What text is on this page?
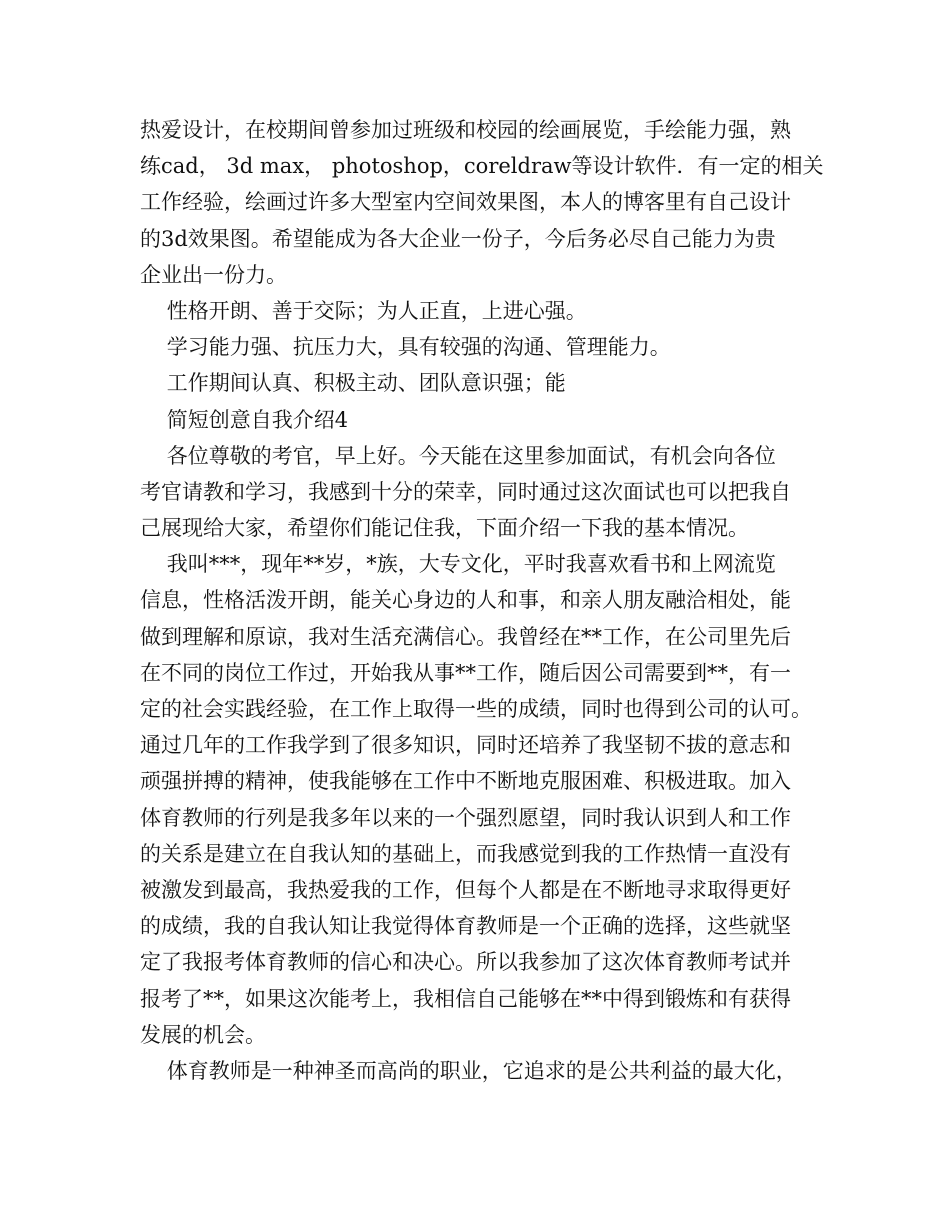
热爱设计，在校期间曾参加过班级和校园的绘画展览，手绘能力强，熟
练cad， 3d max， photoshop，coreldraw等设计软件．有一定的相关
工作经验，绘画过许多大型室内空间效果图，本人的博客里有自己设计
的3d效果图。希望能成为各大企业一份子，今后务必尽自己能力为贵
企业出一份力。
性格开朗、善于交际；为人正直，上进心强。
学习能力强、抗压力大，具有较强的沟通、管理能力。
工作期间认真、积极主动、团队意识强；能
简短创意自我介绍4
各位尊敬的考官，早上好。今天能在这里参加面试，有机会向各位
考官请教和学习，我感到十分的荣幸，同时通过这次面试也可以把我自
己展现给大家，希望你们能记住我，下面介绍一下我的基本情况。
我叫***，现年**岁，*族，大专文化，平时我喜欢看书和上网流览
信息，性格活泼开朗，能关心身边的人和事，和亲人朋友融洽相处，能
做到理解和原谅，我对生活充满信心。我曾经在**工作，在公司里先后
在不同的岗位工作过，开始我从事**工作，随后因公司需要到**，有一
定的社会实践经验，在工作上取得一些的成绩，同时也得到公司的认可。
通过几年的工作我学到了很多知识，同时还培养了我坚韧不拔的意志和
顽强拼搏的精神，使我能够在工作中不断地克服困难、积极进取。加入
体育教师的行列是我多年以来的一个强烈愿望，同时我认识到人和工作
的关系是建立在自我认知的基础上，而我感觉到我的工作热情一直没有
被激发到最高，我热爱我的工作，但每个人都是在不断地寻求取得更好
的成绩，我的自我认知让我觉得体育教师是一个正确的选择，这些就坚
定了我报考体育教师的信心和决心。所以我参加了这次体育教师考试并
报考了**，如果这次能考上，我相信自己能够在**中得到锻炼和有获得
发展的机会。
体育教师是一种神圣而高尚的职业，它追求的是公共利益的最大化，
